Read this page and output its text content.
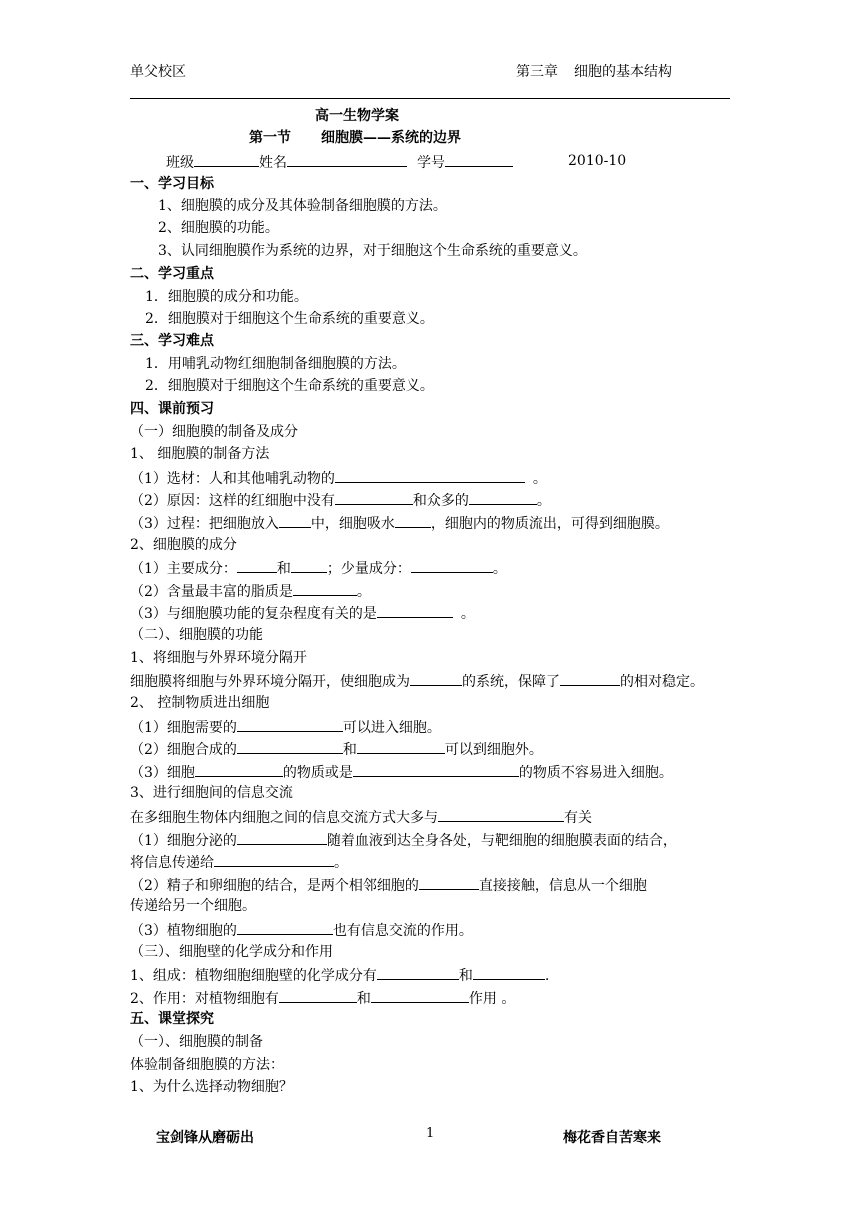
单父校区	第三章 细胞的基本结构
高一生物学案
第一节 细胞膜——系统的边界
班级	姓名	学号	2010-10
一、学习目标
1、细胞膜的成分及其体验制备细胞膜的方法。
2、细胞膜的功能。
3、认同细胞膜作为系统的边界，对于细胞这个生命系统的重要意义。
二、学习重点
1．细胞膜的成分和功能。
2．细胞膜对于细胞这个生命系统的重要意义。
三、学习难点
1．用哺乳动物红细胞制备细胞膜的方法。
2．细胞膜对于细胞这个生命系统的重要意义。
四、课前预习
（一）细胞膜的制备及成分
1、 细胞膜的制备方法
（1）选材：人和其他哺乳动物的	。
（2）原因：这样的红细胞中没有	和众多的	。
（3）过程：把细胞放入 中，细胞吸水	，细胞内的物质流出，可得到细胞膜。
2、细胞膜的成分
（1）主要成分：	和	；少量成分：	。
（2）含量最丰富的脂质是	。
（3）与细胞膜功能的复杂程度有关的是	。
（二）、细胞膜的功能
1、将细胞与外界环境分隔开
细胞膜将细胞与外界环境分隔开，使细胞成为	的系统，保障了	的相对稳定。
2、 控制物质进出细胞
（1）细胞需要的	可以进入细胞。
（2）细胞合成的	和	可以到细胞外。
（3）细胞	的物质或是	的物质不容易进入细胞。
3、进行细胞间的信息交流
在多细胞生物体内细胞之间的信息交流方式大多与	有关
（1）细胞分泌的	随着血液到达全身各处，与靶细胞的细胞膜表面的结合，
将信息传递给	。
（2）精子和卵细胞的结合，是两个相邻细胞的	直接接触，信息从一个细胞
传递给另一个细胞。
（3）植物细胞的	也有信息交流的作用。
（三）、细胞壁的化学成分和作用
1、组成：植物细胞细胞壁的化学成分有	和	.
2、作用：对植物细胞有	和	作用 。
五、课堂探究
（一）、细胞膜的制备
体验制备细胞膜的方法：
1、为什么选择动物细胞？
宝剑锋从磨砺出	1	梅花香自苦寒来
